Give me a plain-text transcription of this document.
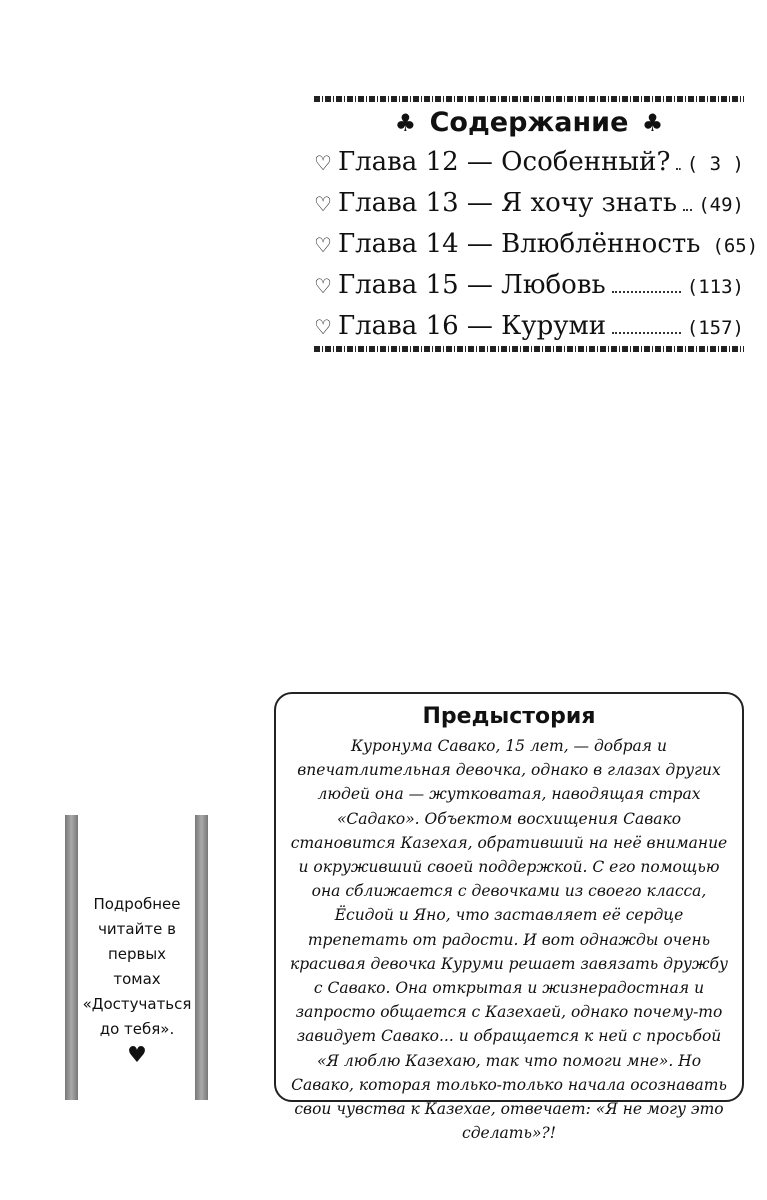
♣ Содержание ♣
♡ Глава 12 — Особенный? ( 3 )
♡ Глава 13 — Я хочу знать (49)
♡ Глава 14 — Влюблённость (65)
♡ Глава 15 — Любовь	(113)
♡ Глава 16 — Куруми	(157)
Подробнее
читайте в
первых томах
«Достучаться
до тебя».
♥
Предыстория

Куронума Савако, 15 лет, — добрая и впечатлительная девочка, однако в глазах других людей она — жутковатая, наводящая страх «Садако». Объектом восхищения Савако становится Казехая, обративший на неё внимание и окруживший своей поддержкой. С его помощью она сближается с девочками из своего класса, Ёсидой и Яно, что заставляет её сердце трепетать от радости. И вот однажды очень красивая девочка Куруми решает завязать дружбу с Савако. Она открытая и жизнерадостная и запросто общается с Казехаей, однако почему-то завидует Савако... и обращается к ней с просьбой «Я люблю Казехаю, так что помоги мне». Но Савако, которая только-только начала осознавать свои чувства к Казехае, отвечает: «Я не могу это сделать»?!
